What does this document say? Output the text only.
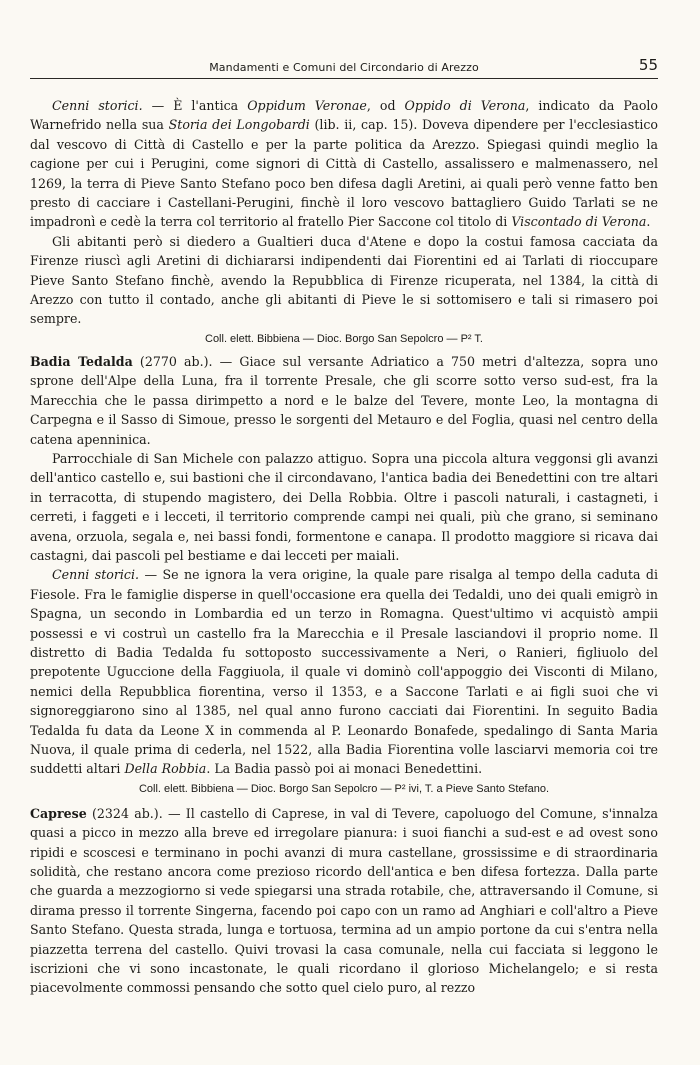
Mandamenti e Comuni del Circondario di Arezzo	55

Cenni storici. — È l'antica Oppidum Veronae, od Oppido di Verona, indicato da Paolo Warnefrido nella sua Storia dei Longobardi (lib. ii, cap. 15). Doveva dipendere per l'ecclesiastico dal vescovo di Città di Castello e per la parte politica da Arezzo. Spiegasi quindi meglio la cagione per cui i Perugini, come signori di Città di Castello, assalissero e malmenassero, nel 1269, la terra di Pieve Santo Stefano poco ben difesa dagli Aretini, ai quali però venne fatto ben presto di cacciare i Castellani-Perugini, finchè il loro vescovo battagliero Guido Tarlati se ne impadronì e cedè la terra col territorio al fratello Pier Saccone col titolo di Viscontado di Verona.

Gli abitanti però si diedero a Gualtieri duca d'Atene e dopo la costui famosa cacciata da Firenze riuscì agli Aretini di dichiararsi indipendenti dai Fiorentini ed ai Tarlati di rioccupare Pieve Santo Stefano finchè, avendo la Repubblica di Firenze ricuperata, nel 1384, la città di Arezzo con tutto il contado, anche gli abitanti di Pieve le si sottomisero e tali si rimasero poi sempre.

Coll. elett. Bibbiena — Dioc. Borgo San Sepolcro — P² T.

Badia Tedalda (2770 ab.). — Giace sul versante Adriatico a 750 metri d'altezza, sopra uno sprone dell'Alpe della Luna, fra il torrente Presale, che gli scorre sotto verso sud-est, fra la Marecchia che le passa dirimpetto a nord e le balze del Tevere, monte Leo, la montagna di Carpegna e il Sasso di Simoue, presso le sorgenti del Metauro e del Foglia, quasi nel centro della catena apenninica.

Parrocchiale di San Michele con palazzo attiguo. Sopra una piccola altura veggonsi gli avanzi dell'antico castello e, sui bastioni che il circondavano, l'antica badia dei Benedettini con tre altari in terracotta, di stupendo magistero, dei Della Robbia. Oltre i pascoli naturali, i castagneti, i cerreti, i faggeti e i lecceti, il territorio comprende campi nei quali, più che grano, si seminano avena, orzuola, segala e, nei bassi fondi, formentone e canapa. Il prodotto maggiore si ricava dai castagni, dai pascoli pel bestiame e dai lecceti per maiali.

Cenni storici. — Se ne ignora la vera origine, la quale pare risalga al tempo della caduta di Fiesole. Fra le famiglie disperse in quell'occasione era quella dei Tedaldi, uno dei quali emigrò in Spagna, un secondo in Lombardia ed un terzo in Romagna. Quest'ultimo vi acquistò ampii possessi e vi costruì un castello fra la Marecchia e il Presale lasciandovi il proprio nome. Il distretto di Badia Tedalda fu sottoposto successivamente a Neri, o Ranieri, figliuolo del prepotente Uguccione della Faggiuola, il quale vi dominò coll'appoggio dei Visconti di Milano, nemici della Repubblica fiorentina, verso il 1353, e a Saccone Tarlati e ai figli suoi che vi signoreggiarono sino al 1385, nel qual anno furono cacciati dai Fiorentini. In seguito Badia Tedalda fu data da Leone X in commenda al P. Leonardo Bonafede, spedalingo di Santa Maria Nuova, il quale prima di cederla, nel 1522, alla Badia Fiorentina volle lasciarvi memoria coi tre suddetti altari Della Robbia. La Badia passò poi ai monaci Benedettini.

Coll. elett. Bibbiena — Dioc. Borgo San Sepolcro — P² ivi, T. a Pieve Santo Stefano.

Caprese (2324 ab.). — Il castello di Caprese, in val di Tevere, capoluogo del Comune, s'innalza quasi a picco in mezzo alla breve ed irregolare pianura: i suoi fianchi a sud-est e ad ovest sono ripidi e scoscesi e terminano in pochi avanzi di mura castellane, grossissime e di straordinaria solidità, che restano ancora come prezioso ricordo dell'antica e ben difesa fortezza. Dalla parte che guarda a mezzogiorno si vede spiegarsi una strada rotabile, che, attraversando il Comune, si dirama presso il torrente Singerna, facendo poi capo con un ramo ad Anghiari e coll'altro a Pieve Santo Stefano. Questa strada, lunga e tortuosa, termina ad un ampio portone da cui s'entra nella piazzetta terrena del castello. Quivi trovasi la casa comunale, nella cui facciata si leggono le iscrizioni che vi sono incastonate, le quali ricordano il glorioso Michelangelo; e si resta piacevolmente commossi pensando che sotto quel cielo puro, al rezzo
